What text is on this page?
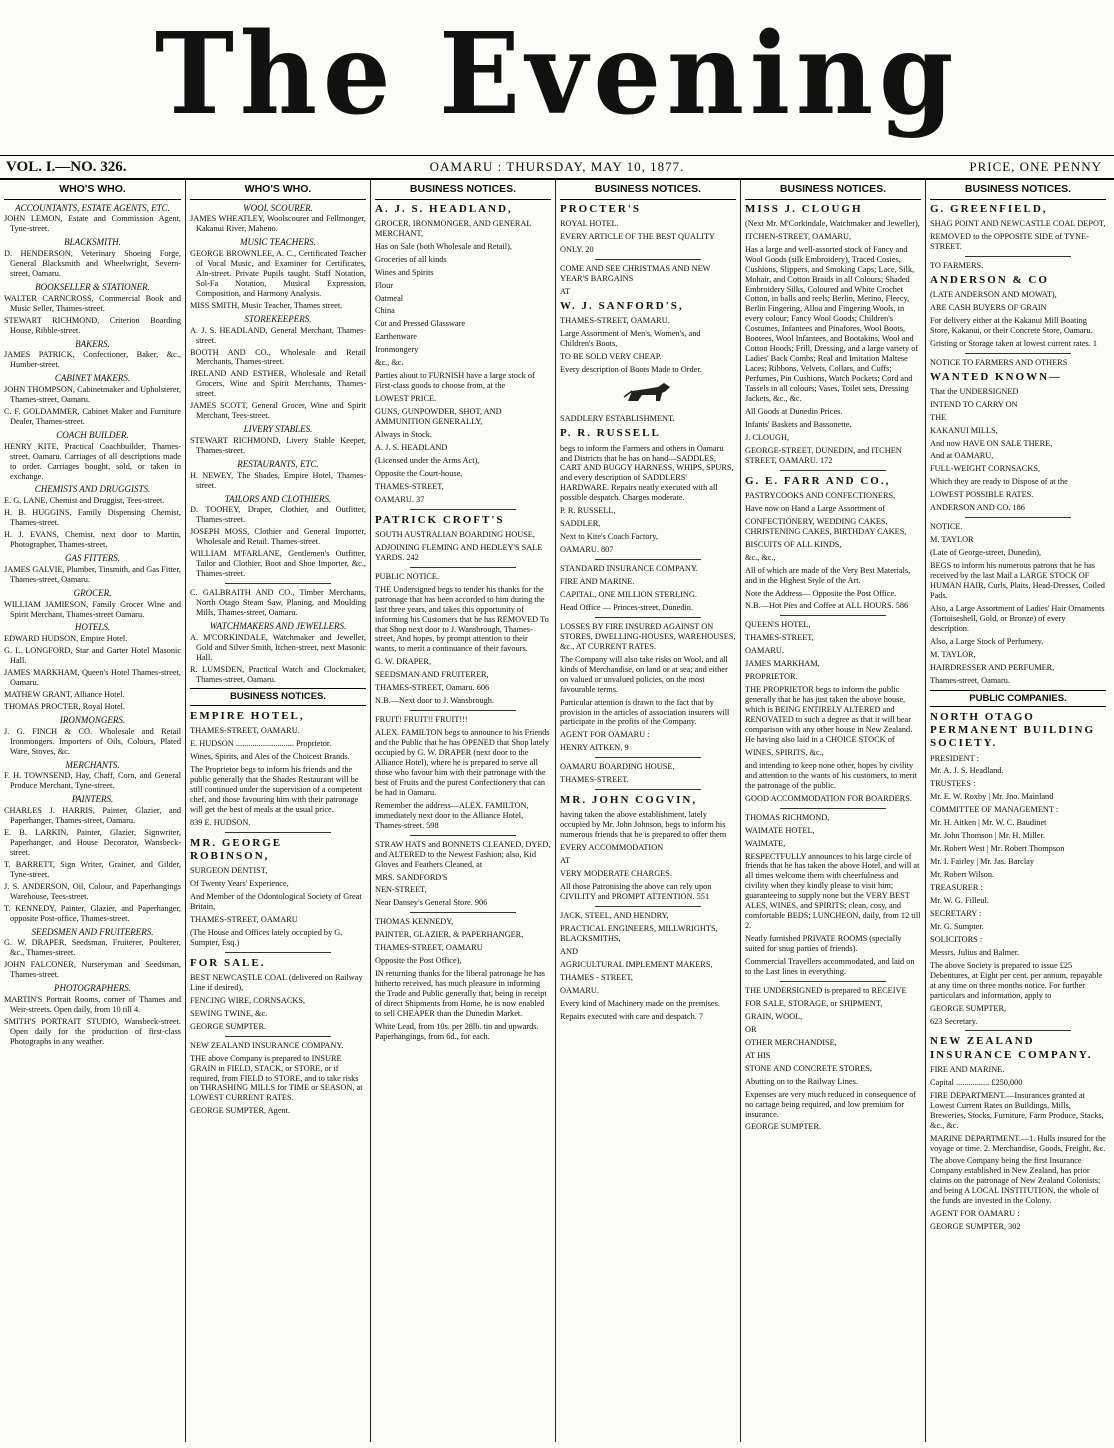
The Evening
VOL. I.—NO. 326.	OAMARU : THURSDAY, MAY 10, 1877.	PRICE, ONE PENNY
WHO'S WHO.
ACCOUNTANTS, ESTATE AGENTS, ETC.
JOHN LEMON, Estate and Commission Agent, Tyne-street.
BLACKSMITH.
D. HENDERSON, Veterinary Shoeing Forge, General Blacksmith and Wheelwright, Severn-street, Oamaru.
BOOKSELLER & STATIONER.
WALTER CARNCROSS, Commercial Book and Music Seller, Thames-street.
STEWART RICHMOND, Criterion Boarding House, Ribble-street.
BAKERS.
JAMES PATRICK, Confectioner, Baker, &c., Humber-street.
CABINET MAKERS.
JOHN THOMPSON, Cabinetmaker and Upholsterer, Thames-street, Oamaru.
C. F. GOLDAMMER, Cabinet Maker and Furniture Dealer, Thames-street.
COACH BUILDER.
HENRY KITE, Practical Coachbuilder, Thames-street, Oamaru. Carriages of all descriptions made to order. Carriages bought, sold, or taken in exchange.
CHEMISTS AND DRUGGISTS.
E. G. LANE, Chemist and Druggist, Tees-street.
H. B. HUGGINS, Family Dispensing Chemist, Thames-street.
H. J. EVANS, Chemist, next door to Martin, Photographer, Thames-street.
GAS FITTERS.
JAMES GALVIE, Plumber, Tinsmith, and Gas Fitter, Thames-street, Oamaru.
GROCER.
WILLIAM JAMIESON, Family Grocer Wine and Spirit Merchant, Thames-street Oamaru.
HOTELS.
EDWARD HUDSON, Empire Hotel.
G. L. LONGFORD, Star and Garter Hotel Masonic Hall.
JAMES MARKHAM, Queen's Hotel Thames-street, Oamaru.
MATHEW GRANT, Alliance Hotel.
THOMAS PROCTER, Royal Hotel.
IRONMONGERS.
J. G. FINCH & CO. Wholesale and Retail Ironmongers. Importers of Oils, Colours, Plated Ware, Stoves, &c.
MERCHANTS.
F. H. TOWNSEND, Hay, Chaff, Corn, and General Produce Merchant, Tyne-street.
PAINTERS.
CHARLES J. HARRIS, Painter, Glazier, and Paperhanger, Thames-street, Oamaru.
E. B. LARKIN, Painter, Glazier, Signwriter, Paperhanger, and House Decorator, Wansbeck-street.
T. BARRETT, Sign Writer, Grainer, and Gilder, Tyne-street.
J. S. ANDERSON, Oil, Colour, and Paperhangings Warehouse, Tees-street.
T. KENNEDY, Painter, Glazier, and Paperhanger, opposite Post-office, Thames-street.
SEEDSMEN AND FRUITERERS.
G. W. DRAPER, Seedsman, Fruiterer, Poulterer, &c., Thames-street.
JOHN FALCONER, Nurseryman and Seedsman, Thames-street.
PHOTOGRAPHERS.
MARTIN'S Portrait Rooms, corner of Thames and Weir-streets. Open daily, from 10 till 4.
SMITH'S PORTRAIT STUDIO, Wansbeck-street. Open daily for the production of first-class Photographs in any weather.
WHO'S WHO.
WOOL SCOURER.
JAMES WHEATLEY, Woolscourer and Fellmonger, Kakanui River, Maheno.
MUSIC TEACHERS.
GEORGE BROWNLEE, A. C., Certificated Teacher of Vocal Music, and Examiner for Certificates, Aln-street. Private Pupils taught. Staff Notation, Sol-Fa Notation, Musical Expression, Composition, and Harmony Analysis.
MISS SMITH, Music Teacher, Thames street.
STOREKEEPERS.
A. J. S. HEADLAND, General Merchant, Thames-street.
BOOTH AND CO., Wholesale and Retail Merchants, Thames-street.
IRELAND AND ESTHER, Wholesale and Retail Grocers, Wine and Spirit Merchants, Thames-street.
JAMES SCOTT, General Grocer, Wine and Spirit Merchant, Tees-street.
LIVERY STABLES.
STEWART RICHMOND, Livery Stable Keeper, Thames-street.
RESTAURANTS, ETC.
H. NEWEY, The Shades, Empire Hotel, Thames-street.
TAILORS AND CLOTHIERS.
D. TOOHEY, Draper, Clothier, and Outfitter, Thames-street.
JOSEPH MOSS, Clothier and General Importer, Wholesale and Retail. Thames-street.
WILLIAM M'FARLANE, Gentlemen's Outfitter, Tailor and Clothier, Boot and Shoe Importer, &c., Thames-street.
C. GALBRAITH AND CO., Timber Merchants, North Otago Steam Saw, Planing, and Moulding Mills, Thames-street, Oamaru.
WATCHMAKERS AND JEWELLERS.
A. M'CORKINDALE, Watchmaker and Jeweller, Gold and Silver Smith, Itchen-street, next Masonic Hall.
R. LUMSDEN, Practical Watch and Clockmaker, Thames-street, Oamaru.
BUSINESS NOTICES.
EMPIRE HOTEL,
THAMES-STREET, OAMARU.
E. HUDSON ............................ Proprietor.
Wines, Spirits, and Ales of the Choicest Brands.
The Proprietor begs to inform his friends and the public generally that the Shades Restaurant will be still continued under the supervision of a competent chef, and those favouring him with their patronage will get the best of meals at the usual price.
839 E. HUDSON.
MR. GEORGE ROBINSON,
SURGEON DENTIST,
Of Twenty Years' Experience,
And Member of the Odontological Society of Great Britain,
THAMES-STREET, OAMARU
(The House and Offices lately occupied by G. Sumpter, Esq.)
FOR SALE.
BEST NEWCASTLE COAL (delivered on Railway Line if desired),
FENCING WIRE, CORNSACKS,
SEWING TWINE, &c.
GEORGE SUMPTER.
NEW ZEALAND INSURANCE COMPANY.
THE above Company is prepared to INSURE GRAIN in FIELD, STACK, or STORE, or if required, from FIELD to STORE, and to take risks on THRASHING MILLS for TIME or SEASON, at LOWEST CURRENT RATES.
GEORGE SUMPTER, Agent.
BUSINESS NOTICES.
A. J. S. HEADLAND,
GROCER, IRONMONGER, AND GENERAL MERCHANT,
Has on Sale (both Wholesale and Retail),
Groceries of all kinds
Wines and Spirits
Flour
Oatmeal
China
Cut and Pressed Glassware
Earthenware
Ironmongery
&c., &c.
Parties about to FURNISH have a large stock of First-class goods to choose from, at the
LOWEST PRICE.
GUNS, GUNPOWDER, SHOT, AND AMMUNITION GENERALLY,
Always in Stock.
A. J. S. HEADLAND
(Licensed under the Arms Act),
Opposite the Court-house,
THAMES-STREET,
OAMARU. 37
PATRICK CROFT'S
SOUTH AUSTRALIAN BOARDING HOUSE,
ADJOINING FLEMING AND HEDLEY'S SALE YARDS. 242
PUBLIC NOTICE.
THE Undersigned begs to tender his thanks for the patronage that has been accorded to him during the last three years, and takes this opportunity of informing his Customers that he has REMOVED To that Shop next door to J. Wansbrough, Thames-street, And hopes, by prompt attention to their wants, to merit a continuance of their favours.
G. W. DRAPER,
SEEDSMAN AND FRUITERER,
THAMES-STREET, Oamaru. 606
N.B.—Next door to J. Wansbrough.
FRUIT! FRUIT!! FRUIT!!!
ALEX. FAMILTON begs to announce to his Friends and the Public that he has OPENED that Shop lately occupied by G. W. DRAPER (next door to the Alliance Hotel), where he is prepared to serve all those who favour him with their patronage with the best of Fruits and the purest Confectionery that can be had in Oamaru.
Remember the address—ALEX. FAMILTON, immediately next door to the Alliance Hotel, Thames-street. 598
STRAW HATS and BONNETS CLEANED, DYED, and ALTERED to the Newest Fashion; also, Kid Gloves and Feathers Cleaned, at
MRS. SANDFORD'S
NEN-STREET,
Near Dansey's General Store. 906
THOMAS KENNEDY,
PAINTER, GLAZIER, & PAPERHANGER,
THAMES-STREET, OAMARU
Opposite the Post Office),
IN returning thanks for the liberal patronage he has hitherto received, has much pleasure in informing the Trade and Public generally that, being in receipt of direct Shipments from Home, he is now enabled to sell CHEAPER than the Dunedin Market.
White Lead, from 10s. per 28lb. tin and upwards. Paperhangings, from 6d., for each.
BUSINESS NOTICES.
PROCTER'S
ROYAL HOTEL.
EVERY ARTICLE OF THE BEST QUALITY
ONLY. 20
COME AND SEE CHRISTMAS AND NEW YEAR'S BARGAINS
AT
W. J. SANFORD'S,
THAMES-STREET, OAMARU.
Large Assortment of Men's, Women's, and Children's Boots,
TO BE SOLD VERY CHEAP.
Every description of Boots Made to Order.
SADDLERY ESTABLISHMENT.
P. R. RUSSELL
begs to inform the Farmers and others in Oamaru and Districts that he has on hand—SADDLES, CART AND BUGGY HARNESS, WHIPS, SPURS, and every description of SADDLERS' HARDWARE. Repairs neatly executed with all possible despatch. Charges moderate.
P. R. RUSSELL,
SADDLER,
Next to Kite's Coach Factory,
OAMARU. 807
STANDARD INSURANCE COMPANY.
FIRE AND MARINE.
CAPITAL, ONE MILLION STERLING.
Head Office — Princes-street, Dunedin.
LOSSES BY FIRE INSURED AGAINST ON STORES, DWELLING-HOUSES, WAREHOUSES, &c., AT CURRENT RATES.
The Company will also take risks on Wool, and all kinds of Merchandise, on land or at sea; and either on valued or unvalued policies, on the most favourable terms.
Particular attention is drawn to the fact that by provision in the articles of association insurers will participate in the profits of the Company.
AGENT FOR OAMARU :
HENRY AITKEN, 9
OAMARU BOARDING HOUSE,
THAMES-STREET.
MR. JOHN COGVIN,
having taken the above establishment, lately occupied by Mr. John Johnson, begs to inform his numerous friends that he is prepared to offer them
EVERY ACCOMMODATION
AT
VERY MODERATE CHARGES.
All those Patronising the above can rely upon CIVILITY and PROMPT ATTENTION. 551
JACK, STEEL, AND HENDRY,
PRACTICAL ENGINEERS, MILLWRIGHTS, BLACKSMITHS,
AND
AGRICULTURAL IMPLEMENT MAKERS,
THAMES - STREET,
OAMARU.
Every kind of Machinery made on the premises.
Repairs executed with care and despatch. 7
BUSINESS NOTICES.
MISS J. CLOUGH
(Next Mr. M'Corkindale, Watchmaker and Jeweller),
ITCHEN-STREET, OAMARU,
Has a large and well-assorted stock of Fancy and Wool Goods (silk Embroidery), Traced Cosies, Cushions, Slippers, and Smoking Caps; Lace, Silk, Mohair, and Cotton Braids in all Colours; Shaded Embroidery Silks, Coloured and White Crochet Cotton, in balls and reels; Berlin, Merino, Fleecy, Berlin Fingering, Alloa and Fingering Wools, in every colour; Fancy Wool Goods; Children's Costumes, Infantees and Pinafores, Wool Boots, Bootees, Wool Infantees, and Bootakins, Wool and Cotton Hoods; Frill, Dressing, and a large variety of Ladies' Back Combs; Real and Imitation Maltese Laces; Ribbons, Velvets, Collars, and Cuffs; Perfumes, Pin Cushions, Watch Pockets; Cord and Tassels in all colours; Vases, Toilet sets, Dressing Jackets, &c., &c.
All Goods at Dunedin Prices.
Infants' Baskets and Bassonette.
J. CLOUGH,
GEORGE-STREET, DUNEDIN, and ITCHEN STREET, OAMARU. 172
G. E. FARR AND CO.,
PASTRYCOOKS AND CONFECTIONERS,
Have now on Hand a Large Assortment of
CONFECTIONERY, WEDDING CAKES, CHRISTENING CAKES, BIRTHDAY CAKES,
BISCUITS OF ALL KINDS,
&c., &c.,
All of which are made of the Very Best Materials, and in the Highest Style of the Art.
Note the Address— Opposite the Post Office.
N.B.—Hot Pies and Coffee at ALL HOURS. 586
QUEEN'S HOTEL,
THAMES-STREET,
OAMARU.
JAMES MARKHAM,
PROPRIETOR.
THE PROPRIETOR begs to inform the public generally that he has just taken the above house, which is BEING ENTIRELY ALTERED and RENOVATED to such a degree as that it will bear comparison with any other house in New Zealand. He having also laid in a CHOICE STOCK of
WINES, SPIRITS, &c.,
and intending to keep none other, hopes by civility and attention to the wants of his customers, to merit the patronage of the public.
GOOD ACCOMMODATION FOR BOARDERS.
THOMAS RICHMOND,
WAIMATE HOTEL,
WAIMATE,
RESPECTFULLY announces to his large circle of friends that he has taken the above Hotel, and will at all times welcome them with cheerfulness and civility when they kindly please to visit him; guaranteeing to supply none but the VERY BEST ALES, WINES, and SPIRITS; clean, cosy, and comfortable BEDS; LUNCHEON, daily, from 12 till 2.
Neatly furnished PRIVATE ROOMS (specially suited for snug parties of friends).
Commercial Travellers accommodated, and laid on to the Last lines in everything.
THE UNDERSIGNED is prepared to RECEIVE
FOR SALE, STORAGE, or SHIPMENT,
GRAIN, WOOL,
OR
OTHER MERCHANDISE,
AT HIS
STONE AND CONCRETE STORES,
Abutting on to the Railway Lines.
Expenses are very much reduced in consequence of no cartage being required, and low premium for insurance.
GEORGE SUMPTER.
BUSINESS NOTICES.
G. GREENFIELD,
SHAG POINT AND NEWCASTLE COAL DEPOT,
REMOVED to the OPPOSITE SIDE of TYNE-STREET.
TO FARMERS.
ANDERSON & CO
(LATE ANDERSON AND MOWAT),
ARE CASH BUYERS OF GRAIN
For delivery either at the Kakanui Mill Boating Store, Kakanui, or their Concrete Store, Oamaru.
Gristing or Storage taken at lowest current rates. 1
NOTICE TO FARMERS AND OTHERS
WANTED KNOWN—
That the UNDERSIGNED
INTEND TO CARRY ON
THE
KAKANUI MILLS,
And now HAVE ON SALE THERE,
And at OAMARU,
FULL-WEIGHT CORNSACKS,
Which they are ready to Dispose of at the
LOWEST POSSIBLE RATES.
ANDERSON AND CO. 186
NOTICE.
M. TAYLOR
(Late of George-street, Dunedin),
BEGS to inform his numerous patrons that he has received by the last Mail a LARGE STOCK OF HUMAN HAIR, Curls, Plaits, Head-Dresses, Coiled Pads.
Also, a Large Assortment of Ladies' Hair Ornaments (Tortoiseshell, Gold, or Bronze) of every description.
Also, a Large Stock of Perfumery.
M. TAYLOR,
HAIRDRESSER AND PERFUMER,
Thames-street, Oamaru.
PUBLIC COMPANIES.
NORTH OTAGO PERMANENT BUILDING SOCIETY.
PRESIDENT :
Mr. A. J. S. Headland.
TRUSTEES :
Mr. E. W. Roxby | Mr. Jno. Mainland
COMMITTEE OF MANAGEMENT :
Mr. H. Aitken | Mr. W. C. Baudinet
Mr. John Thomson | Mr. H. Miller.
Mr. Robert West | Mr. Robert Thompson
Mr. I. Fairley | Mr. Jas. Barclay
Mr. Robert Wilson.
TREASURER :
Mr. W. G. Filleul.
SECRETARY :
Mr. G. Sumpter.
SOLICITORS :
Messrs. Julius and Balmer.
The above Society is prepared to issue £25 Debentures, at Eight per cent. per annum, repayable at any time on three months notice. For further particulars and information, apply to
GEORGE SUMPTER,
623 Secretary.
NEW ZEALAND INSURANCE COMPANY.
FIRE AND MARINE.
Capital ................ £250,000
FIRE DEPARTMENT.—Insurances granted at Lowest Current Rates on Buildings, Mills, Breweries, Stocks, Furniture, Farm Produce, Stacks, &c., &c.
MARINE DEPARTMENT.—1. Hulls insured for the voyage or time. 2. Merchandise, Goods, Freight, &c.
The above Company being the first Insurance Company established in New Zealand, has prior claims on the patronage of New Zealand Colonists; and being A LOCAL INSTITUTION, the whole of the funds are invested in the Colony.
AGENT FOR OAMARU :
GEORGE SUMPTER, 302
